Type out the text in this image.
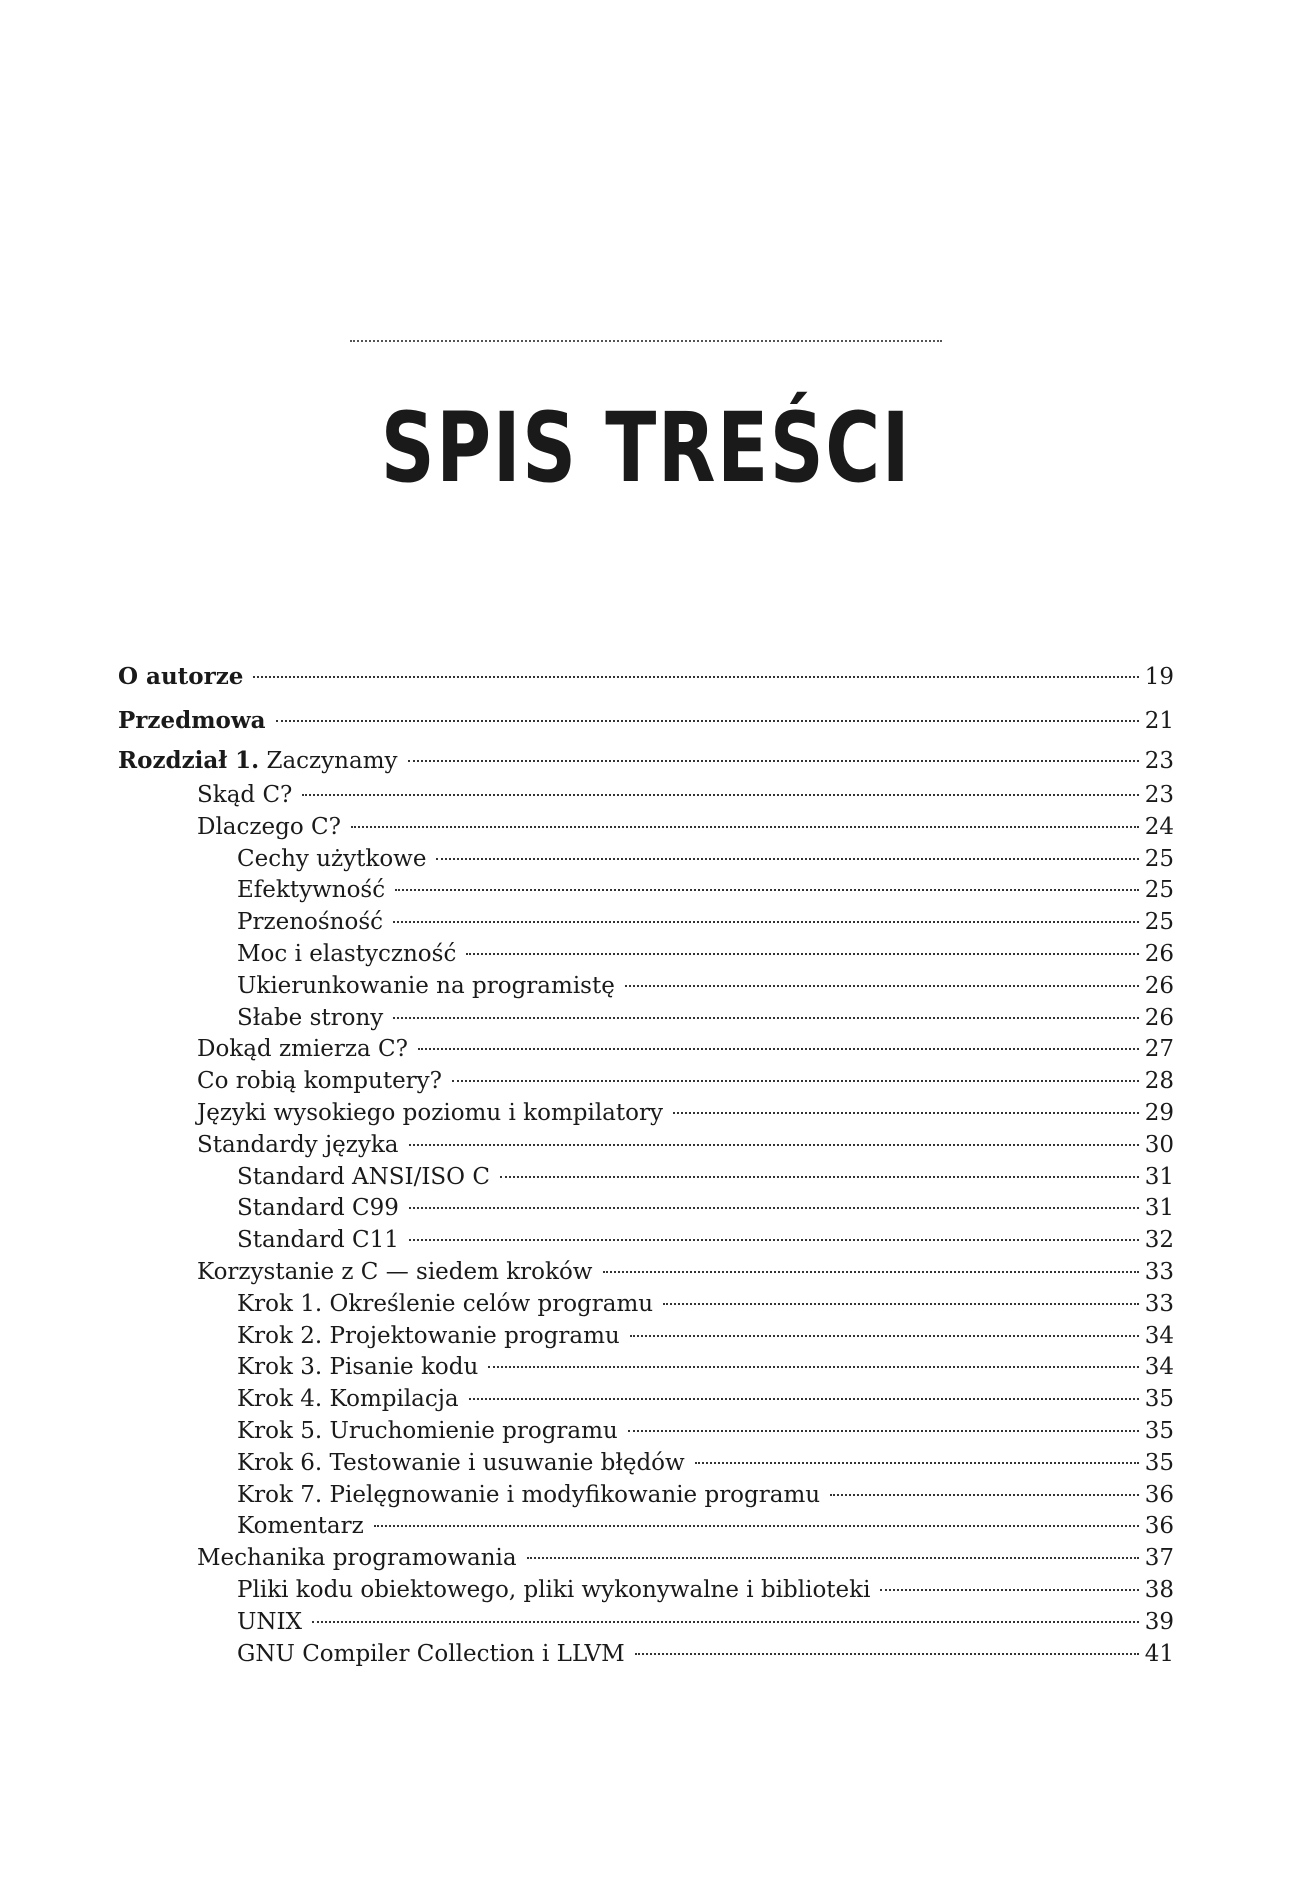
SPIS TREŚCI
O autorze	19
Przedmowa	21
Rozdział 1. Zaczynamy	23
Skąd C?	23
Dlaczego C?	24
Cechy użytkowe	25
Efektywność	25
Przenośność	25
Moc i elastyczność	26
Ukierunkowanie na programistę	26
Słabe strony	26
Dokąd zmierza C?	27
Co robią komputery?	28
Języki wysokiego poziomu i kompilatory	29
Standardy języka	30
Standard ANSI/ISO C	31
Standard C99	31
Standard C11	32
Korzystanie z C — siedem kroków	33
Krok 1. Określenie celów programu	33
Krok 2. Projektowanie programu	34
Krok 3. Pisanie kodu	34
Krok 4. Kompilacja	35
Krok 5. Uruchomienie programu	35
Krok 6. Testowanie i usuwanie błędów	35
Krok 7. Pielęgnowanie i modyfikowanie programu	36
Komentarz	36
Mechanika programowania	37
Pliki kodu obiektowego, pliki wykonywalne i biblioteki	38
UNIX	39
GNU Compiler Collection i LLVM	41
